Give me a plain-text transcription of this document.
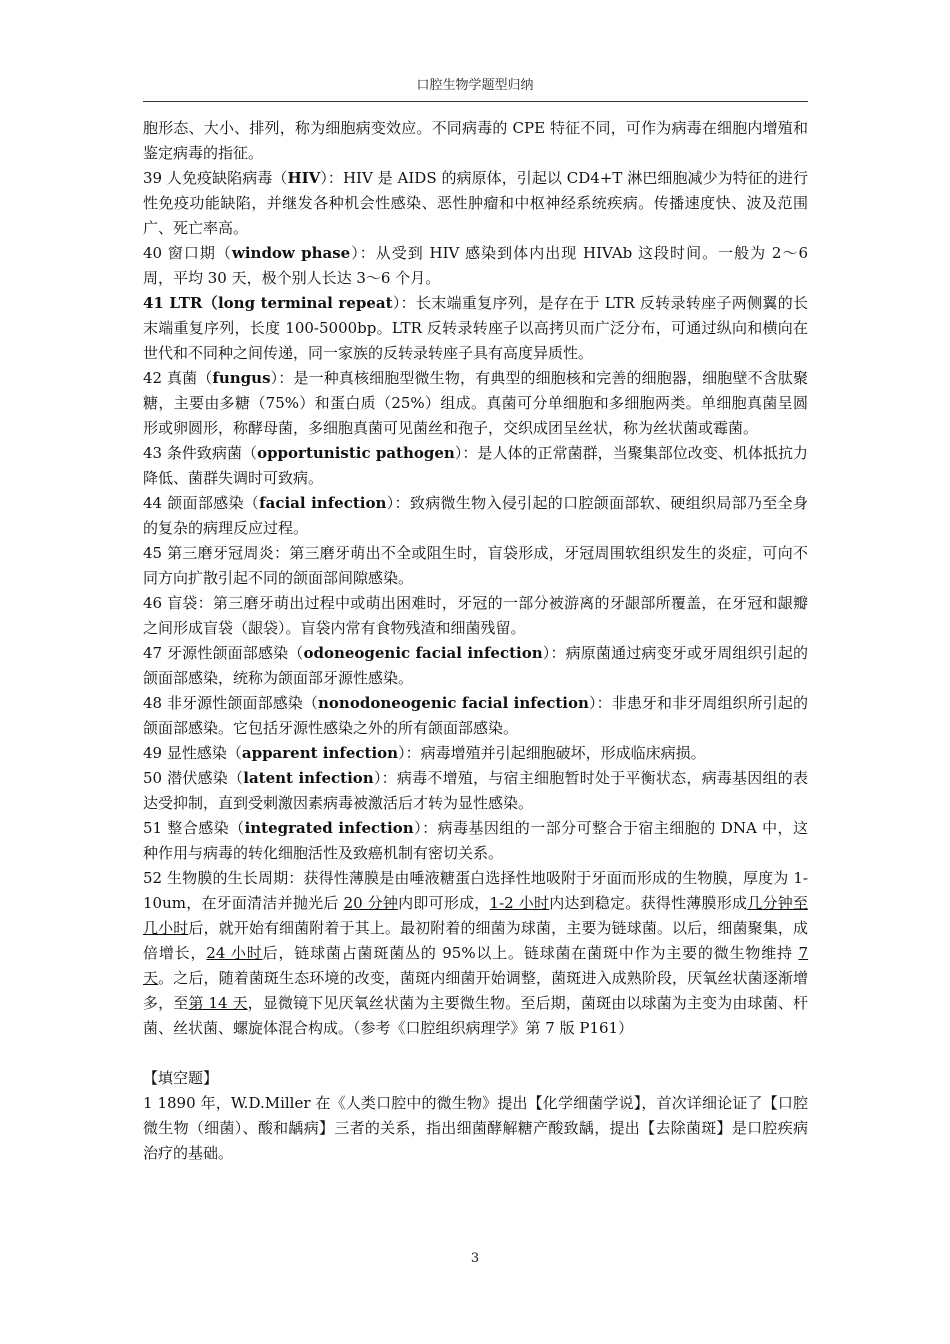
口腔生物学题型归纳

胞形态、大小、排列，称为细胞病变效应。不同病毒的 CPE 特征不同，可作为病毒在细胞内增殖和鉴定病毒的指征。

39 人免疫缺陷病毒（HIV）：HIV 是 AIDS 的病原体，引起以 CD4+T 淋巴细胞减少为特征的进行性免疫功能缺陷，并继发各种机会性感染、恶性肿瘤和中枢神经系统疾病。传播速度快、波及范围广、死亡率高。

40 窗口期（window phase）：从受到 HIV 感染到体内出现 HIVAb 这段时间。一般为 2～6 周，平均 30 天，极个别人长达 3～6 个月。

41 LTR（long terminal repeat）：长末端重复序列，是存在于 LTR 反转录转座子两侧翼的长末端重复序列，长度 100-5000bp。LTR 反转录转座子以高拷贝而广泛分布，可通过纵向和横向在世代和不同种之间传递，同一家族的反转录转座子具有高度异质性。

42 真菌（fungus）：是一种真核细胞型微生物，有典型的细胞核和完善的细胞器，细胞壁不含肽聚糖，主要由多糖（75%）和蛋白质（25%）组成。真菌可分单细胞和多细胞两类。单细胞真菌呈圆形或卵圆形，称酵母菌，多细胞真菌可见菌丝和孢子，交织成团呈丝状，称为丝状菌或霉菌。

43 条件致病菌（opportunistic pathogen）：是人体的正常菌群，当聚集部位改变、机体抵抗力降低、菌群失调时可致病。

44 颌面部感染（facial infection）：致病微生物入侵引起的口腔颌面部软、硬组织局部乃至全身的复杂的病理反应过程。

45 第三磨牙冠周炎：第三磨牙萌出不全或阻生时，盲袋形成，牙冠周围软组织发生的炎症，可向不同方向扩散引起不同的颌面部间隙感染。

46 盲袋：第三磨牙萌出过程中或萌出困难时，牙冠的一部分被游离的牙龈部所覆盖，在牙冠和龈瓣之间形成盲袋（龈袋）。盲袋内常有食物残渣和细菌残留。

47 牙源性颌面部感染（odoneogenic facial infection）：病原菌通过病变牙或牙周组织引起的颌面部感染，统称为颌面部牙源性感染。

48 非牙源性颌面部感染（nonodoneogenic facial infection）：非患牙和非牙周组织所引起的颌面部感染。它包括牙源性感染之外的所有颌面部感染。

49 显性感染（apparent infection）：病毒增殖并引起细胞破坏，形成临床病损。

50 潜伏感染（latent infection）：病毒不增殖，与宿主细胞暂时处于平衡状态，病毒基因组的表达受抑制，直到受刺激因素病毒被激活后才转为显性感染。

51 整合感染（integrated infection）：病毒基因组的一部分可整合于宿主细胞的 DNA 中，这种作用与病毒的转化细胞活性及致癌机制有密切关系。

52 生物膜的生长周期：获得性薄膜是由唾液糖蛋白选择性地吸附于牙面而形成的生物膜，厚度为 1-10um，在牙面清洁并抛光后 20 分钟内即可形成，1-2 小时内达到稳定。获得性薄膜形成几分钟至几小时后，就开始有细菌附着于其上。最初附着的细菌为球菌，主要为链球菌。以后，细菌聚集，成倍增长，24 小时后，链球菌占菌斑菌丛的 95%以上。链球菌在菌斑中作为主要的微生物维持 7 天。之后，随着菌斑生态环境的改变，菌斑内细菌开始调整，菌斑进入成熟阶段，厌氧丝状菌逐渐增多，至第 14 天，显微镜下见厌氧丝状菌为主要微生物。至后期，菌斑由以球菌为主变为由球菌、杆菌、丝状菌、螺旋体混合构成。（参考《口腔组织病理学》第 7 版 P161）

【填空题】

1 1890 年，W.D.Miller 在《人类口腔中的微生物》提出【化学细菌学说】，首次详细论证了【口腔微生物（细菌）、酸和龋病】三者的关系，指出细菌酵解糖产酸致龋，提出【去除菌斑】是口腔疾病治疗的基础。

3
